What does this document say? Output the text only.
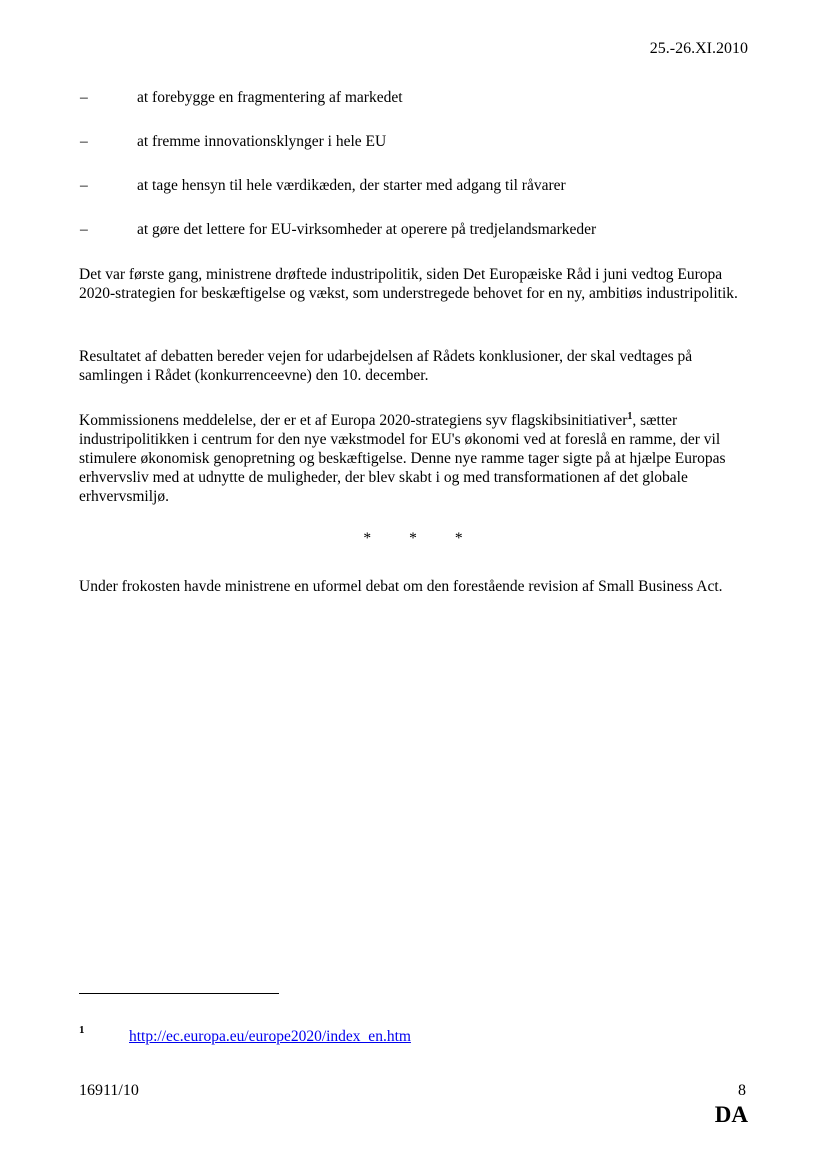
25.-26.XI.2010
–	at forebygge en fragmentering af markedet
–	at fremme innovationsklynger i hele EU
–	at tage hensyn til hele værdikæden, der starter med adgang til råvarer
–	at gøre det lettere for EU-virksomheder at operere på tredjelandsmarkeder
Det var første gang, ministrene drøftede industripolitik, siden Det Europæiske Råd i juni vedtog Europa 2020-strategien for beskæftigelse og vækst, som understregede behovet for en ny, ambitiøs industripolitik.
Resultatet af debatten bereder vejen for udarbejdelsen af Rådets konklusioner, der skal vedtages på samlingen i Rådet (konkurrenceevne) den 10. december.
Kommissionens meddelelse, der er et af Europa 2020-strategiens syv flagskibsinitiativer$^1$, sætter industripolitikken i centrum for den nye vækstmodel for EU's økonomi ved at foreslå en ramme, der vil stimulere økonomisk genopretning og beskæftigelse. Denne nye ramme tager sigte på at hjælpe Europas erhvervsliv med at udnytte de muligheder, der blev skabt i og med transformationen af det globale erhvervsmiljø.
* * *
Under frokosten havde ministrene en uformel debat om den forestående revision af Small Business Act.
1	http://ec.europa.eu/europe2020/index_en.htm
16911/10	8
DA
